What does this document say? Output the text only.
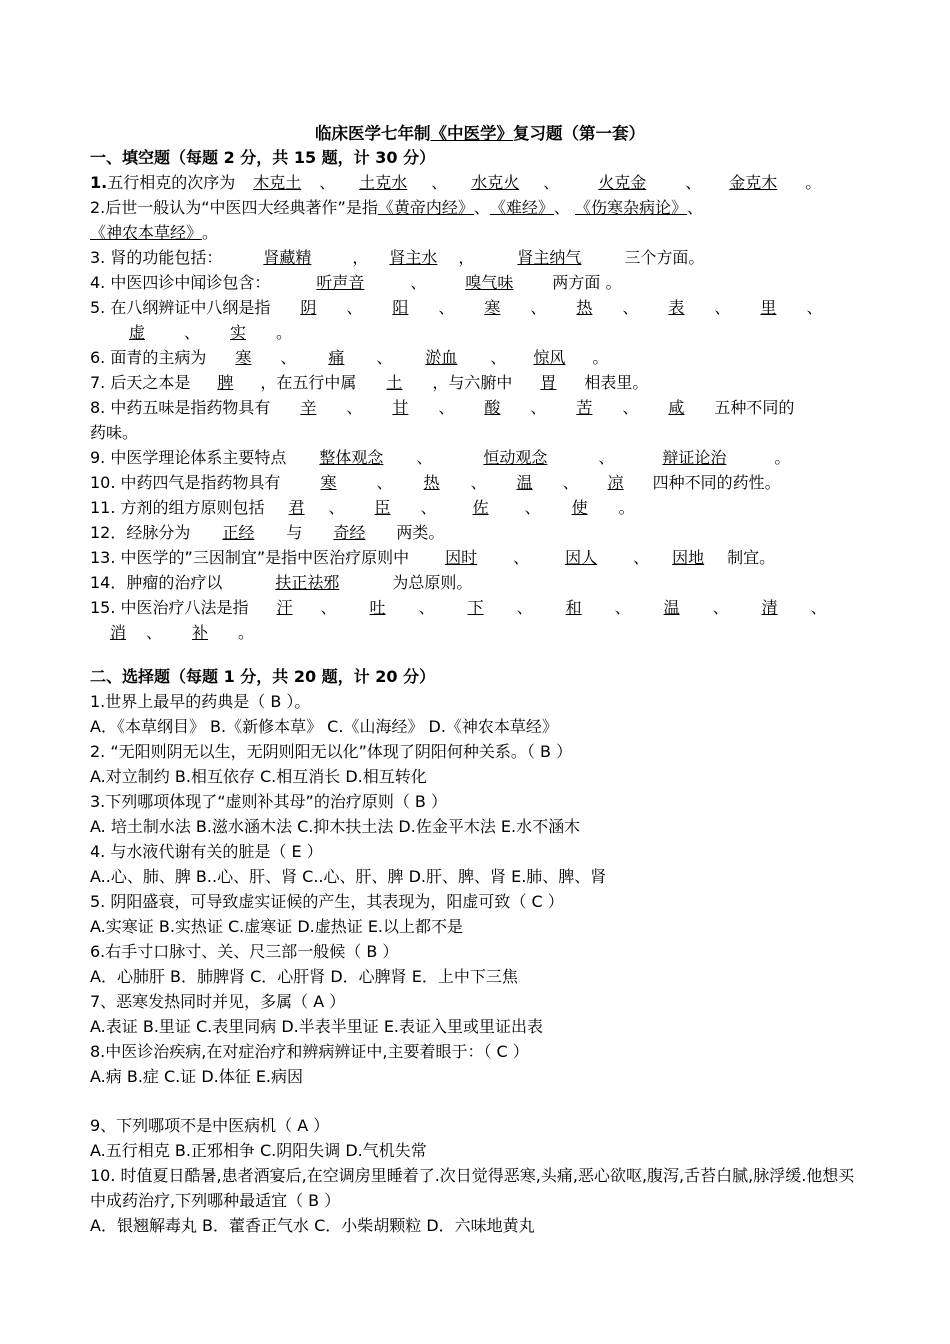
临床医学七年制《中医学》复习题（第一套）

一、填空题（每题 2 分，共 15 题，计 30 分）

1.五行相克的次序为 木克土 、 土克水 、 水克火 、 火克金 、 金克木 。

2.后世一般认为“中医四大经典著作”是指《黄帝内经》、《难经》、 《伤寒杂病论》、

《神农本草经》。

3. 肾的功能包括：	肾藏精	， 肾主水 ，	肾主纳气	三个方面。

4. 中医四诊中闻诊包含：	听声音	、 嗅气味 两方面 。

5. 在八纲辨证中八纲是指 阴 、 阳 、 寒 、 热 、 表 、 里 、

虚 、 实 。

6. 面青的主病为 寒 、 痛 、 淤血 、 惊风 。

7. 后天之本是 脾 ，在五行中属 土 ，与六腑中 胃 相表里。

8. 中药五味是指药物具有 辛 、 甘 、 酸 、 苦 、 咸 五种不同的

药味。

9. 中医学理论体系主要特点 整体观念 、	恒动观念	、	辩证论治	。

10. 中药四气是指药物具有 寒	、 热 、 温 、 凉 四种不同的药性。

11. 方剂的组方原则包括 君 、 臣 、 佐 、 使 。

12．经脉分为 正经 与 奇经 两类。

13. 中医学的”三因制宜”是指中医治疗原则中 因时 、 因人 、 因地 制宜。

14．肿瘤的治疗以	扶正祛邪	为总原则。

15. 中医治疗八法是指 汗 、 吐 、 下 、 和 、 温 、 清 、

消 、 补 。

二、选择题（每题 1 分，共 20 题，计 20 分）

1.世界上最早的药典是（ B ）。

A．《本草纲目》 B.《新修本草》 C.《山海经》 D.《神农本草经》

2. “无阳则阴无以生，无阴则阳无以化”体现了阴阳何种关系。（ B ）

A.对立制约 B.相互依存 C.相互消长 D.相互转化

3.下列哪项体现了“虚则补其母”的治疗原则（ B ）

A. 培土制水法 B.滋水涵木法 C.抑木扶土法 D.佐金平木法 E.水不涵木

4. 与水液代谢有关的脏是（ E ）

A..心、肺、脾 B..心、肝、肾 C..心、肝、脾 D.肝、脾、肾 E.肺、脾、肾

5. 阴阳盛衰，可导致虚实证候的产生，其表现为，阳虚可致（ C ）

A.实寒证 B.实热证 C.虚寒证 D.虚热证 E.以上都不是

6.右手寸口脉寸、关、尺三部一般候（ B ）

A．心肺肝 B．肺脾肾 C．心肝肾 D．心脾肾 E．上中下三焦

7、恶寒发热同时并见，多属（ A ）

A.表证 B.里证 C.表里同病 D.半表半里证 E.表证入里或里证出表

8.中医诊治疾病,在对症治疗和辨病辨证中,主要着眼于：（ C ）

A.病 B.症 C.证 D.体征 E.病因

9、下列哪项不是中医病机（ A ）

A.五行相克 B.正邪相争 C.阴阳失调 D.气机失常

10. 时值夏日酷暑,患者酒宴后,在空调房里睡着了.次日觉得恶寒,头痛,恶心欲呕,腹泻,舌苔白腻,脉浮缓.他想买中成药治疗,下列哪种最适宜（ B ）

A．银翘解毒丸 B．藿香正气水 C．小柴胡颗粒 D．六味地黄丸
